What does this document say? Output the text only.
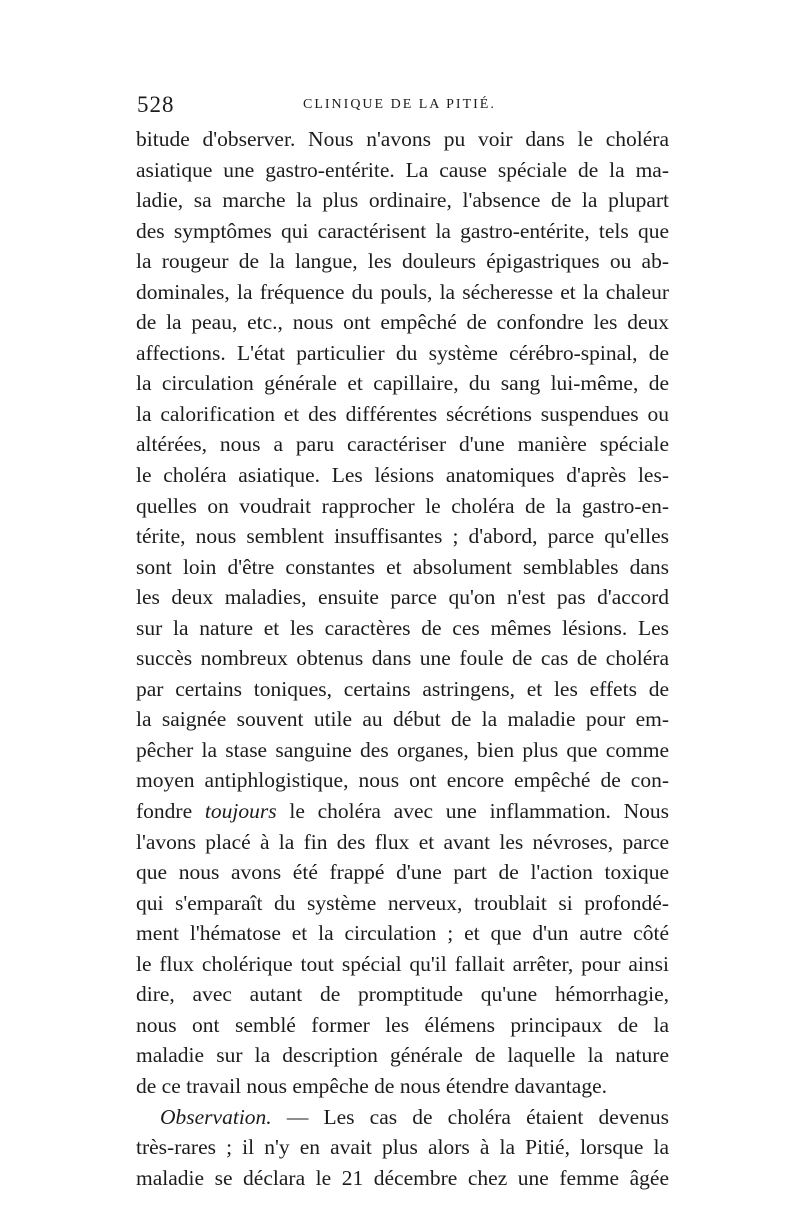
528	CLINIQUE DE LA PITIÉ.
bitude d'observer. Nous n'avons pu voir dans le choléra
asiatique une gastro-entérite. La cause spéciale de la ma-
ladie, sa marche la plus ordinaire, l'absence de la plupart
des symptômes qui caractérisent la gastro-entérite, tels que
la rougeur de la langue, les douleurs épigastriques ou ab-
dominales, la fréquence du pouls, la sécheresse et la chaleur
de la peau, etc., nous ont empêché de confondre les deux
affections. L'état particulier du système cérébro-spinal, de
la circulation générale et capillaire, du sang lui-même, de
la calorification et des différentes sécrétions suspendues ou
altérées, nous a paru caractériser d'une manière spéciale
le choléra asiatique. Les lésions anatomiques d'après les-
quelles on voudrait rapprocher le choléra de la gastro-en-
térite, nous semblent insuffisantes ; d'abord, parce qu'elles
sont loin d'être constantes et absolument semblables dans
les deux maladies, ensuite parce qu'on n'est pas d'accord
sur la nature et les caractères de ces mêmes lésions. Les
succès nombreux obtenus dans une foule de cas de choléra
par certains toniques, certains astringens, et les effets de
la saignée souvent utile au début de la maladie pour em-
pêcher la stase sanguine des organes, bien plus que comme
moyen antiphlogistique, nous ont encore empêché de con-
fondre toujours le choléra avec une inflammation. Nous
l'avons placé à la fin des flux et avant les névroses, parce
que nous avons été frappé d'une part de l'action toxique
qui s'emparaît du système nerveux, troublait si profondé-
ment l'hématose et la circulation ; et que d'un autre côté
le flux cholérique tout spécial qu'il fallait arrêter, pour ainsi
dire, avec autant de promptitude qu'une hémorrhagie,
nous ont semblé former les élémens principaux de la
maladie sur la description générale de laquelle la nature
de ce travail nous empêche de nous étendre davantage.
Observation. — Les cas de choléra étaient devenus
très-rares ; il n'y en avait plus alors à la Pitié, lorsque la
maladie se déclara le 21 décembre chez une femme âgée
